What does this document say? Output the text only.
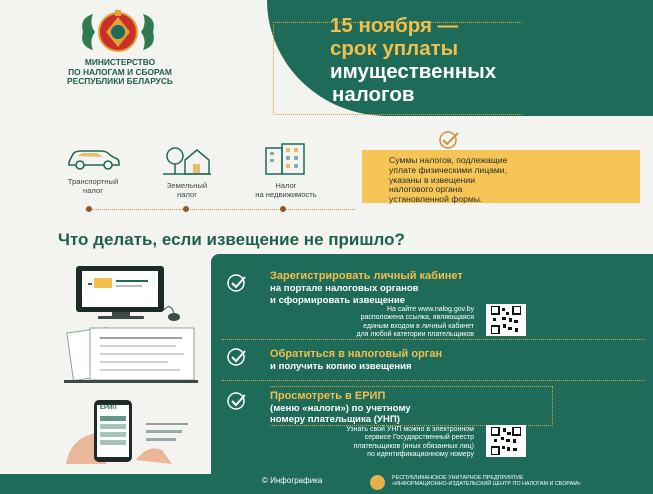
МИНИСТЕРСТВО
ПО НАЛОГАМ И СБОРАМ
РЕСПУБЛИКИ БЕЛАРУСЬ
15 ноября —
срок уплаты
имущественных
налогов
Транспортный
налог
Земельный
налог
Налог
на недвижимость
Суммы налогов, подлежащие
уплате физическими лицами,
указаны в извещении
налогового органа
установленной формы.
Что делать, если извещение не пришло?
ЕРИП
Зарегистрировать личный кабинет
на портале налоговых органов
и сформировать извещение
На сайте www.nalog.gov.by
расположена ссылка, являющаяся
единым входом в личный кабинет
для любой категории плательщиков
Обратиться в налоговый орган
и получить копию извещения
Просмотреть в ЕРИП
(меню «налоги») по учетному
номеру плательщика (УНП)
Узнать свой УНП можно в электронном
сервисе Государственный реестр
плательщиков (иных обязанных лиц)
по идентификационному номеру
© Инфографика	РЕСПУБЛИКАНСКОЕ УНИТАРНОЕ ПРЕДПРИЯТИЕ
«ИНФОРМАЦИОННО-ИЗДАТЕЛЬСКИЙ ЦЕНТР ПО НАЛОГАМ И СБОРАМ»
